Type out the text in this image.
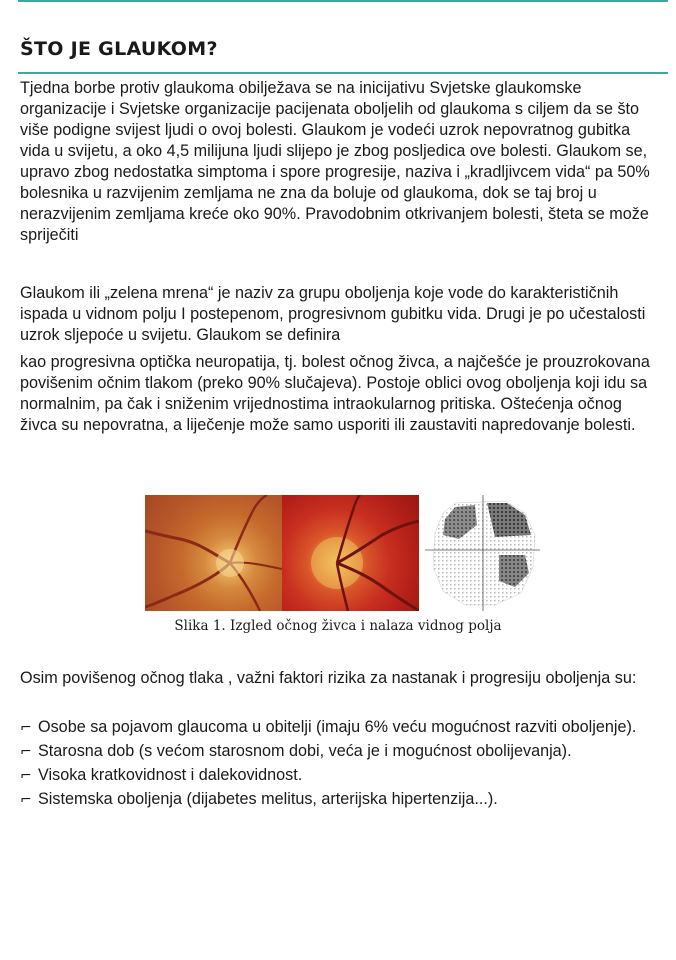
ŠTO JE GLAUKOM?

Tjedna borbe protiv glaukoma obilježava se na inicijativu Svjetske glaukomske organizacije i Svjetske organizacije pacijenata oboljelih od glaukoma s ciljem da se što više podigne svijest ljudi o ovoj bolesti. Glaukom je vodeći uzrok nepovratnog gubitka vida u svijetu, a oko 4,5 milijuna ljudi slijepo je zbog posljedica ove bolesti. Glaukom se, upravo zbog nedostatka simptoma i spore progresije, naziva i „kradljivcem vida“ pa 50% bolesnika u razvijenim zemljama ne zna da boluje od glaukoma, dok se taj broj u nerazvijenim zemljama kreće oko 90%. Pravodobnim otkrivanjem bolesti, šteta se može spriječiti

Glaukom ili „zelena mrena“ je naziv za grupu oboljenja koje vode do karakterističnih ispada u vidnom polju I postepenom, progresivnom gubitku vida. Drugi je po učestalosti uzrok sljepoće u svijetu. Glaukom se definira

kao progresivna optička neuropatija, tj. bolest očnog živca, a najčešće je prouzrokovana povišenim očnim tlakom (preko 90% slučajeva). Postoje oblici ovog oboljenja koji idu sa normalnim, pa čak i sniženim vrijednostima intraokularnog pritiska. Oštećenja očnog živca su nepovratna, a liječenje može samo usporiti ili zaustaviti napredovanje bolesti.

Slika 1. Izgled očnog živca i nalaza vidnog polja

Osim povišenog očnog tlaka , važni faktori rizika za nastanak i progresiju oboljenja su:

⌐ Osobe sa pojavom glaucoma u obitelji (imaju 6% veću mogućnost razviti oboljenje).
⌐ Starosna dob (s većom starosnom dobi, veća je i mogućnost obolijevanja).
⌐ Visoka kratkovidnost i dalekovidnost.
⌐ Sistemska oboljenja (dijabetes melitus, arterijska hipertenzija...).
